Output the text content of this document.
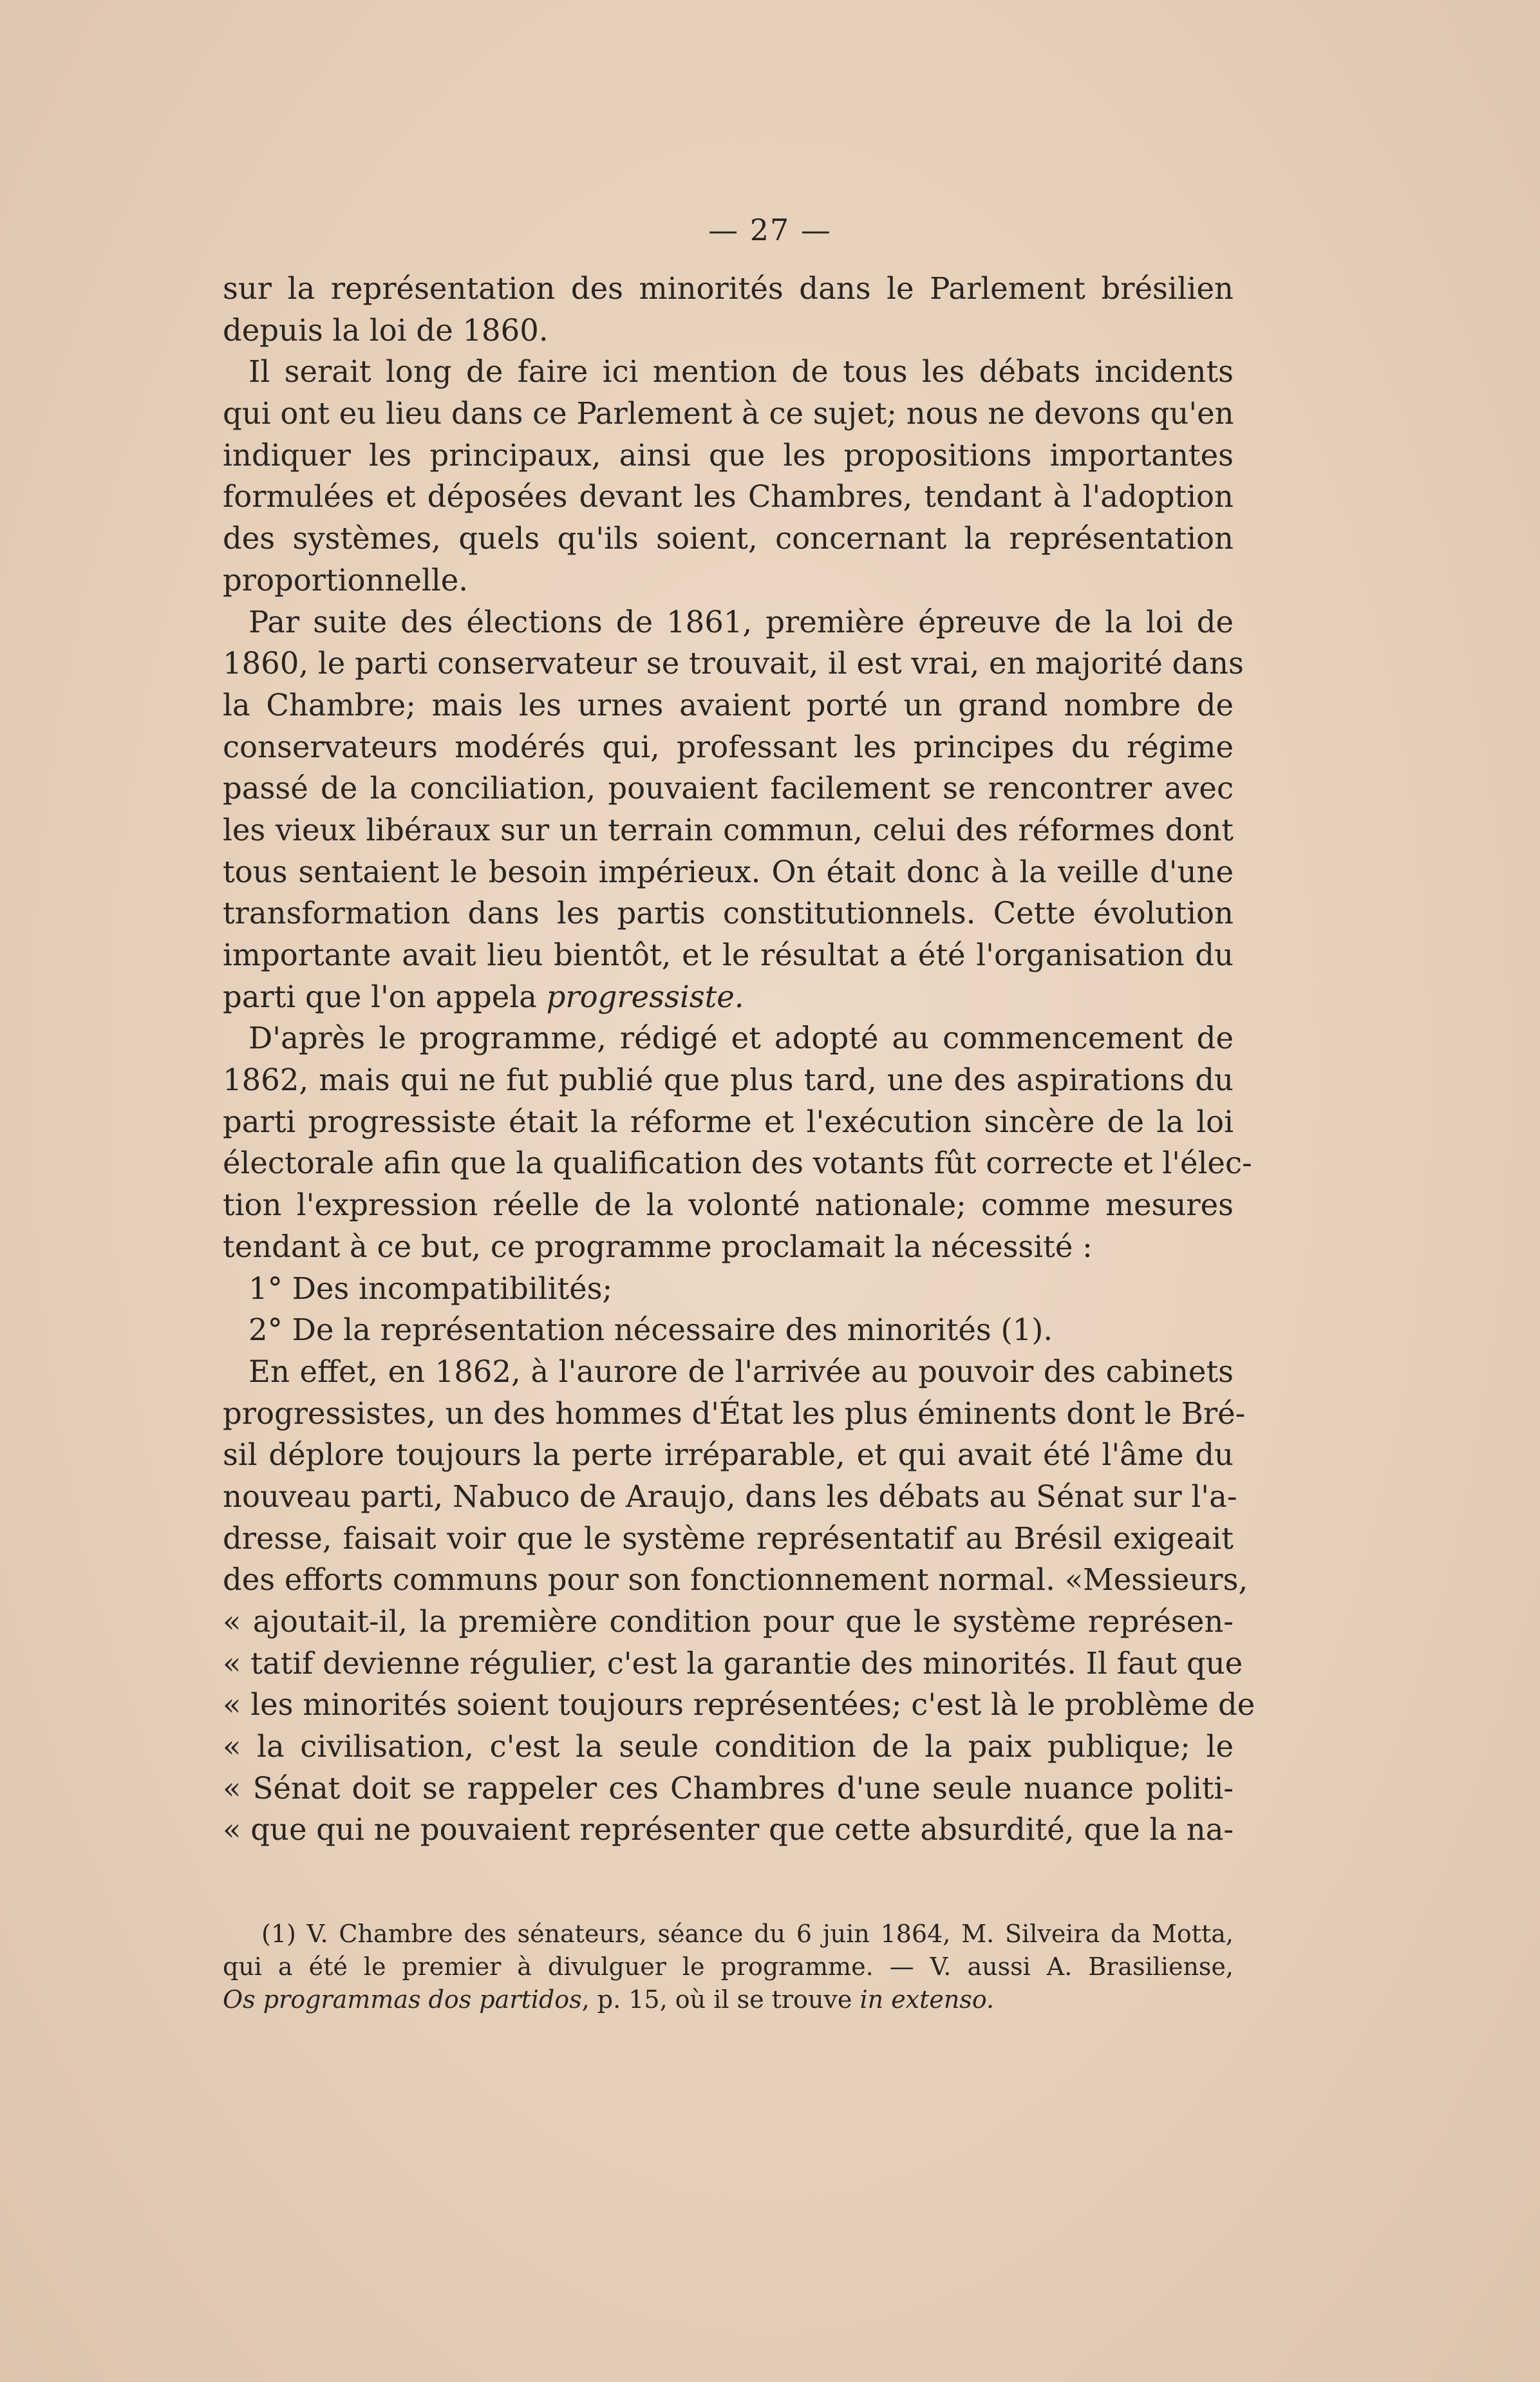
— 27 —
sur la représentation des minorités dans le Parlement brésilien
depuis la loi de 1860.
Il serait long de faire ici mention de tous les débats incidents
qui ont eu lieu dans ce Parlement à ce sujet; nous ne devons qu'en
indiquer les principaux, ainsi que les propositions importantes
formulées et déposées devant les Chambres, tendant à l'adoption
des systèmes, quels qu'ils soient, concernant la représentation
proportionnelle.
Par suite des élections de 1861, première épreuve de la loi de
1860, le parti conservateur se trouvait, il est vrai, en majorité dans
la Chambre; mais les urnes avaient porté un grand nombre de
conservateurs modérés qui, professant les principes du régime
passé de la conciliation, pouvaient facilement se rencontrer avec
les vieux libéraux sur un terrain commun, celui des réformes dont
tous sentaient le besoin impérieux. On était donc à la veille d'une
transformation dans les partis constitutionnels. Cette évolution
importante avait lieu bientôt, et le résultat a été l'organisation du
parti que l'on appela progressiste.
D'après le programme, rédigé et adopté au commencement de
1862, mais qui ne fut publié que plus tard, une des aspirations du
parti progressiste était la réforme et l'exécution sincère de la loi
électorale afin que la qualification des votants fût correcte et l'élec-
tion l'expression réelle de la volonté nationale; comme mesures
tendant à ce but, ce programme proclamait la nécessité :
1° Des incompatibilités;
2° De la représentation nécessaire des minorités (1).
En effet, en 1862, à l'aurore de l'arrivée au pouvoir des cabinets
progressistes, un des hommes d'État les plus éminents dont le Bré-
sil déplore toujours la perte irréparable, et qui avait été l'âme du
nouveau parti, Nabuco de Araujo, dans les débats au Sénat sur l'a-
dresse, faisait voir que le système représentatif au Brésil exigeait
des efforts communs pour son fonctionnement normal. «Messieurs,
« ajoutait-il, la première condition pour que le système représen-
« tatif devienne régulier, c'est la garantie des minorités. Il faut que
« les minorités soient toujours représentées; c'est là le problème de
« la civilisation, c'est la seule condition de la paix publique; le
« Sénat doit se rappeler ces Chambres d'une seule nuance politi-
« que qui ne pouvaient représenter que cette absurdité, que la na-
(1) V. Chambre des sénateurs, séance du 6 juin 1864, M. Silveira da Motta,
qui a été le premier à divulguer le programme. — V. aussi A. Brasiliense,
Os programmas dos partidos, p. 15, où il se trouve in extenso.
